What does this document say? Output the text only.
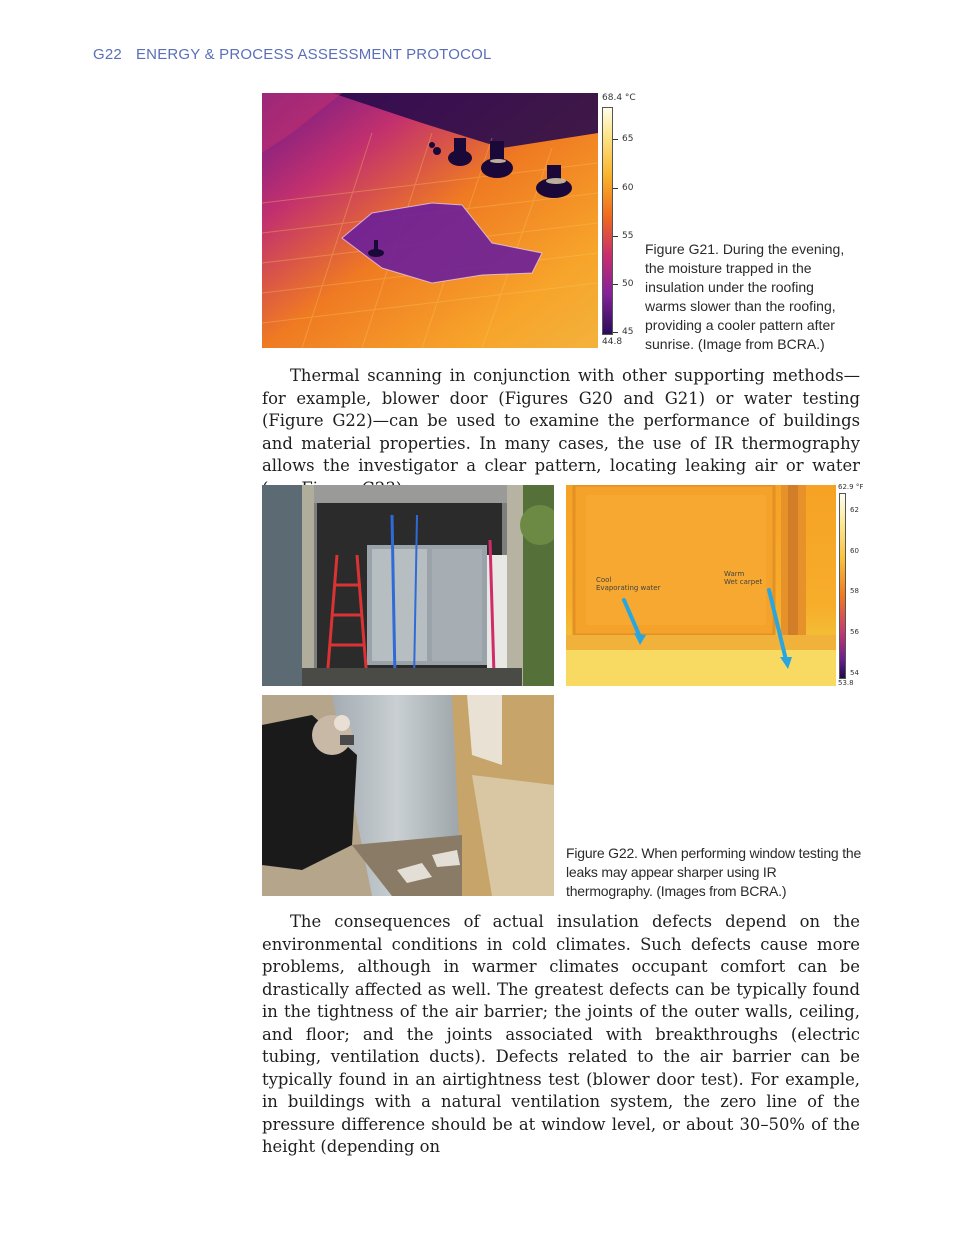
G22 ENERGY & PROCESS ASSESSMENT PROTOCOL
68.4 °C
65
60
55
50
45
44.8
Figure G21. During the evening, the moisture trapped in the insulation under the roofing warms slower than the roofing, providing a cooler pattern after sunrise. (Image from BCRA.)

Thermal scanning in conjunction with other supporting methods—for example, blower door (Figures G20 and G21) or water testing (Figure G22)—can be used to examine the performance of buildings and material properties. In many cases, the use of IR thermography allows the investigator a clear pattern, locating leaking air or water

Cool
Evaporating water
Warm
Wet carpet
62.9 °F
62
60
58
56
54
53.8
Figure G22. When performing window testing the leaks may appear sharper using IR thermography. (Images from BCRA.)

The consequences of actual insulation defects depend on the environmental conditions in cold climates. Such defects cause more problems, although in warmer climates occupant comfort can be drastically affected as well. The greatest defects can be typically found in the tightness of the air barrier; the joints of the outer walls, ceiling, and floor; and the joints associated with breakthroughs (electric tubing, ventilation ducts). Defects related to the air barrier can be typically found in an airtightness test (blower door test). For example, in buildings with a natural ventilation system, the zero line of the pressure difference should be at window level, or about 30–50% of the height (depending on
